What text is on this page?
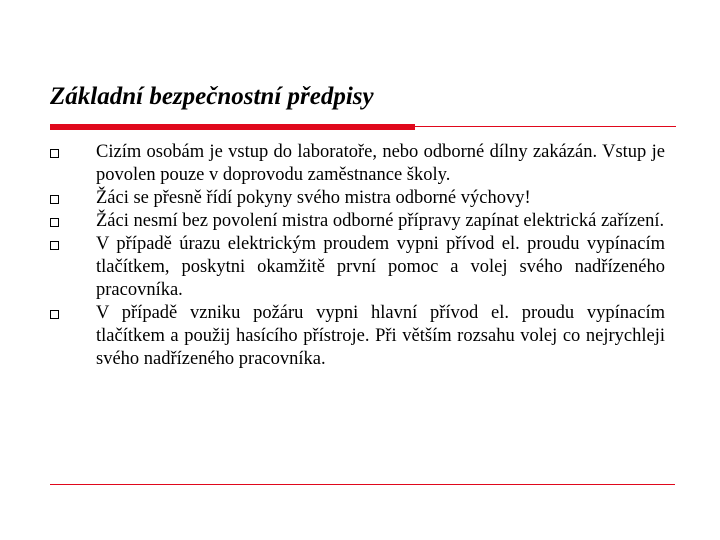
Základní bezpečnostní předpisy
Cizím osobám je vstup do laboratoře, nebo odborné dílny zakázán. Vstup je povolen pouze v doprovodu zaměstnance školy.
Žáci se přesně řídí pokyny svého mistra odborné výchovy!
Žáci nesmí bez povolení mistra odborné přípravy zapínat elektrická zařízení.
V případě úrazu elektrickým proudem vypni přívod el. proudu vypínacím tlačítkem, poskytni okamžitě první pomoc a volej svého nadřízeného pracovníka.
V případě vzniku požáru vypni hlavní přívod el. proudu vypínacím tlačítkem a použij hasícího přístroje. Při větším rozsahu volej co nejrychleji svého nadřízeného pracovníka.
